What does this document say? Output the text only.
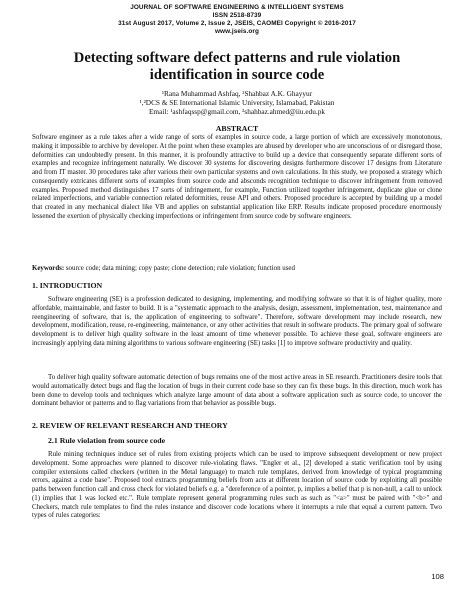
JOURNAL OF SOFTWARE ENGINEERING & INTELLIGENT SYSTEMS
ISSN 2518-8739
31st August 2017, Volume 2, Issue 2, JSEIS, CAOMEI Copyright © 2016-2017
www.jseis.org
Detecting software defect patterns and rule violation
identification in source code
¹Rana Muhammad Ashfaq, ²Shahbaz A.K. Ghayyur
¹,²DCS & SE International Islamic University, Islamabad, Pakistan
Email: ¹ashfaqssp@gmail.com, ²shahbaz.ahmed@iiu.edu.pk
ABSTRACT
Software engineer as a rule takes after a wide range of sorts of examples in source code, a large portion of which are excessively monotonous, making it impossible to archive by developer. At the point when these examples are abused by developer who are unconscious of or disregard those, deformities can undoubtedly present. In this manner, it is profoundly attractive to build up a device that consequently separate different sorts of examples and recognize infringement naturally. We discover 30 systems for discovering designs furthermore discover 17 designs from Literature and from IT master. 30 procedures take after various their own particular systems and own calculations. In this study, we proposed a strategy which consequently extricates different sorts of examples from source code and absconds recognition technique to discover infringement from removed examples. Proposed method distinguishes 17 sorts of infringement, for example, Function utilized together infringement, duplicate glue or clone related imperfections, and variable connection related deformities, reuse API and others. Proposed procedure is accepted by building up a model that created in any mechanical dialect like VB and applies on substantial application like ERP. Results indicate proposed procedure enormously lessened the exertion of physically checking imperfections or infringement from source code by software engineers.
Keywords: source code; data mining; copy paste; clone detection; rule violation; function used
1. INTRODUCTION
Software engineering (SE) is a profession dedicated to designing, implementing, and modifying software so that it is of higher quality, more affordable, maintainable, and faster to build. It is a "systematic approach to the analysis, design, assessment, implementation, test, maintenance and reengineering of software, that is, the application of engineering to software". Therefore, software development may include research, new development, modification, reuse, re-engineering, maintenance, or any other activities that result in software products. The primary goal of software development is to deliver high quality software in the least amount of time whenever possible. To achieve these goal, software engineers are increasingly applying data mining algorithms to various software engineering (SE) tasks [1] to improve software productivity and quality.
To deliver high quality software automatic detection of bugs remains one of the most active areas in SE research. Practitioners desire tools that would automatically detect bugs and flag the location of bugs in their current code base so they can fix these bugs. In this direction, much work has been done to develop tools and techniques which analyze large amount of data about a software application such as source code, to uncover the dominant behavior or patterns and to flag variations from that behavior as possible bugs.
2. REVIEW OF RELEVANT RESEARCH AND THEORY
2.1 Rule violation from source code
Rule mining techniques induce set of rules from existing projects which can be used to improve subsequent development or new project development. Some approaches were planned to discover rule-violating flaws. "Engler et al., [2] developed a static verification tool by using compiler extensions called checkers (written in the Metal language) to match rule templates, derived from knowledge of typical programming errors, against a code base". Proposed tool extracts programming beliefs from acts at different location of source code by exploiting all possible paths between function call and cross check for violated beliefs e.g. a "dereference of a pointer, p, implies a belief that p is non-null, a call to unlock (1) implies that 1 was locked etc.". Rule template represent general programming rules such as such as "<a>" must be paired with "<b>" and Checkers, match rule templates to find the rules instance and discover code locations where it interrupts a rule that equal a current pattern. Two types of rules categories:
108
